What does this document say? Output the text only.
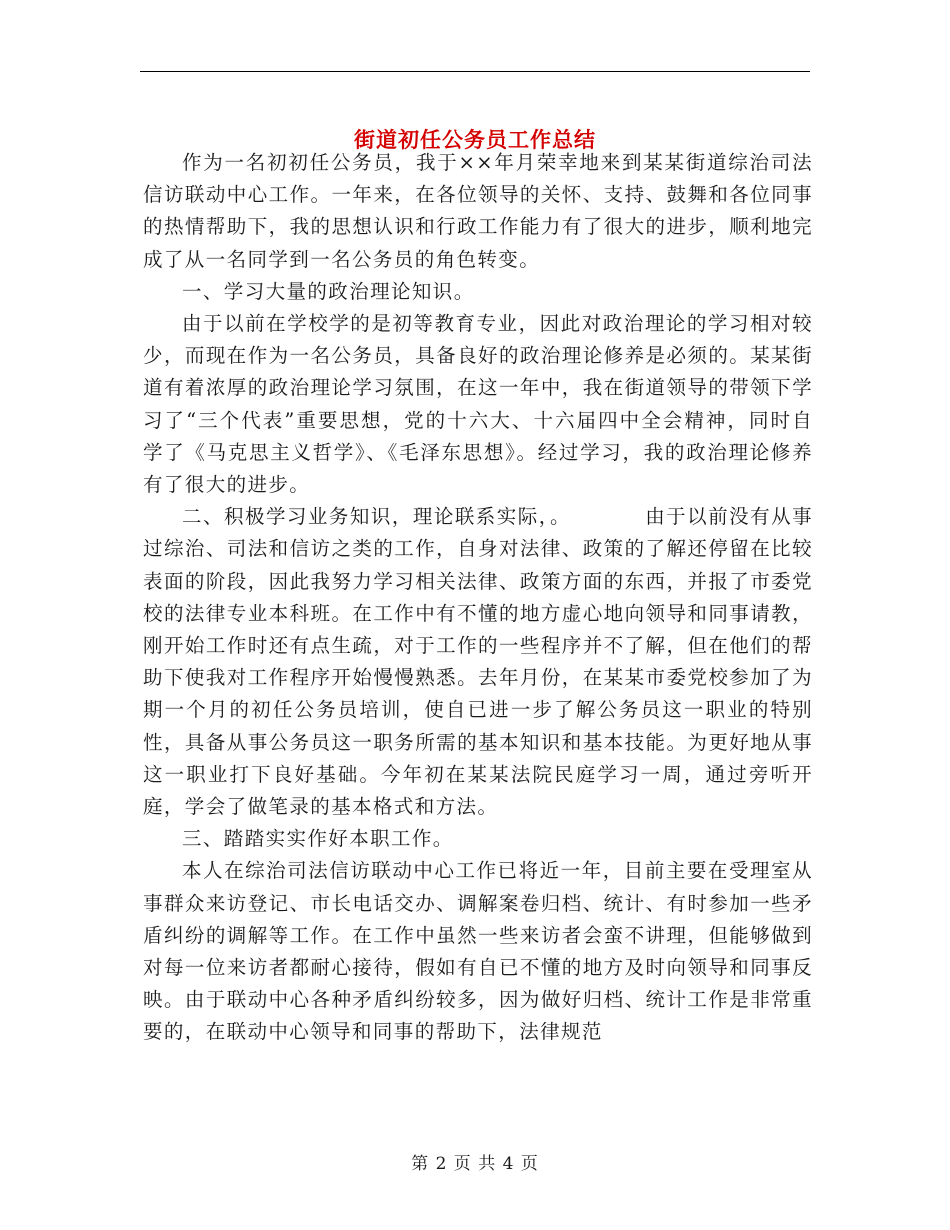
街道初任公务员工作总结

作为一名初初任公务员，我于××年月荣幸地来到某某街道综治司法信访联动中心工作。一年来，在各位领导的关怀、支持、鼓舞和各位同事的热情帮助下，我的思想认识和行政工作能力有了很大的进步，顺利地完成了从一名同学到一名公务员的角色转变。

一、学习大量的政治理论知识。

由于以前在学校学的是初等教育专业，因此对政治理论的学习相对较少，而现在作为一名公务员，具备良好的政治理论修养是必须的。某某街道有着浓厚的政治理论学习氛围，在这一年中，我在街道领导的带领下学习了“三个代表”重要思想，党的十六大、十六届四中全会精神，同时自学了《马克思主义哲学》、《毛泽东思想》。经过学习，我的政治理论修养有了很大的进步。

二、积极学习业务知识，理论联系实际，。　　　　由于以前没有从事过综治、司法和信访之类的工作，自身对法律、政策的了解还停留在比较表面的阶段，因此我努力学习相关法律、政策方面的东西，并报了市委党校的法律专业本科班。在工作中有不懂的地方虚心地向领导和同事请教，刚开始工作时还有点生疏，对于工作的一些程序并不了解，但在他们的帮助下使我对工作程序开始慢慢熟悉。去年月份，在某某市委党校参加了为期一个月的初任公务员培训，使自已进一步了解公务员这一职业的特别性，具备从事公务员这一职务所需的基本知识和基本技能。为更好地从事这一职业打下良好基础。今年初在某某法院民庭学习一周，通过旁听开庭，学会了做笔录的基本格式和方法。

三、踏踏实实作好本职工作。

本人在综治司法信访联动中心工作已将近一年，目前主要在受理室从事群众来访登记、市长电话交办、调解案卷归档、统计、有时参加一些矛盾纠纷的调解等工作。在工作中虽然一些来访者会蛮不讲理，但能够做到对每一位来访者都耐心接待，假如有自已不懂的地方及时向领导和同事反映。由于联动中心各种矛盾纠纷较多，因为做好归档、统计工作是非常重要的，在联动中心领导和同事的帮助下，法律规范

第 2 页 共 4 页
